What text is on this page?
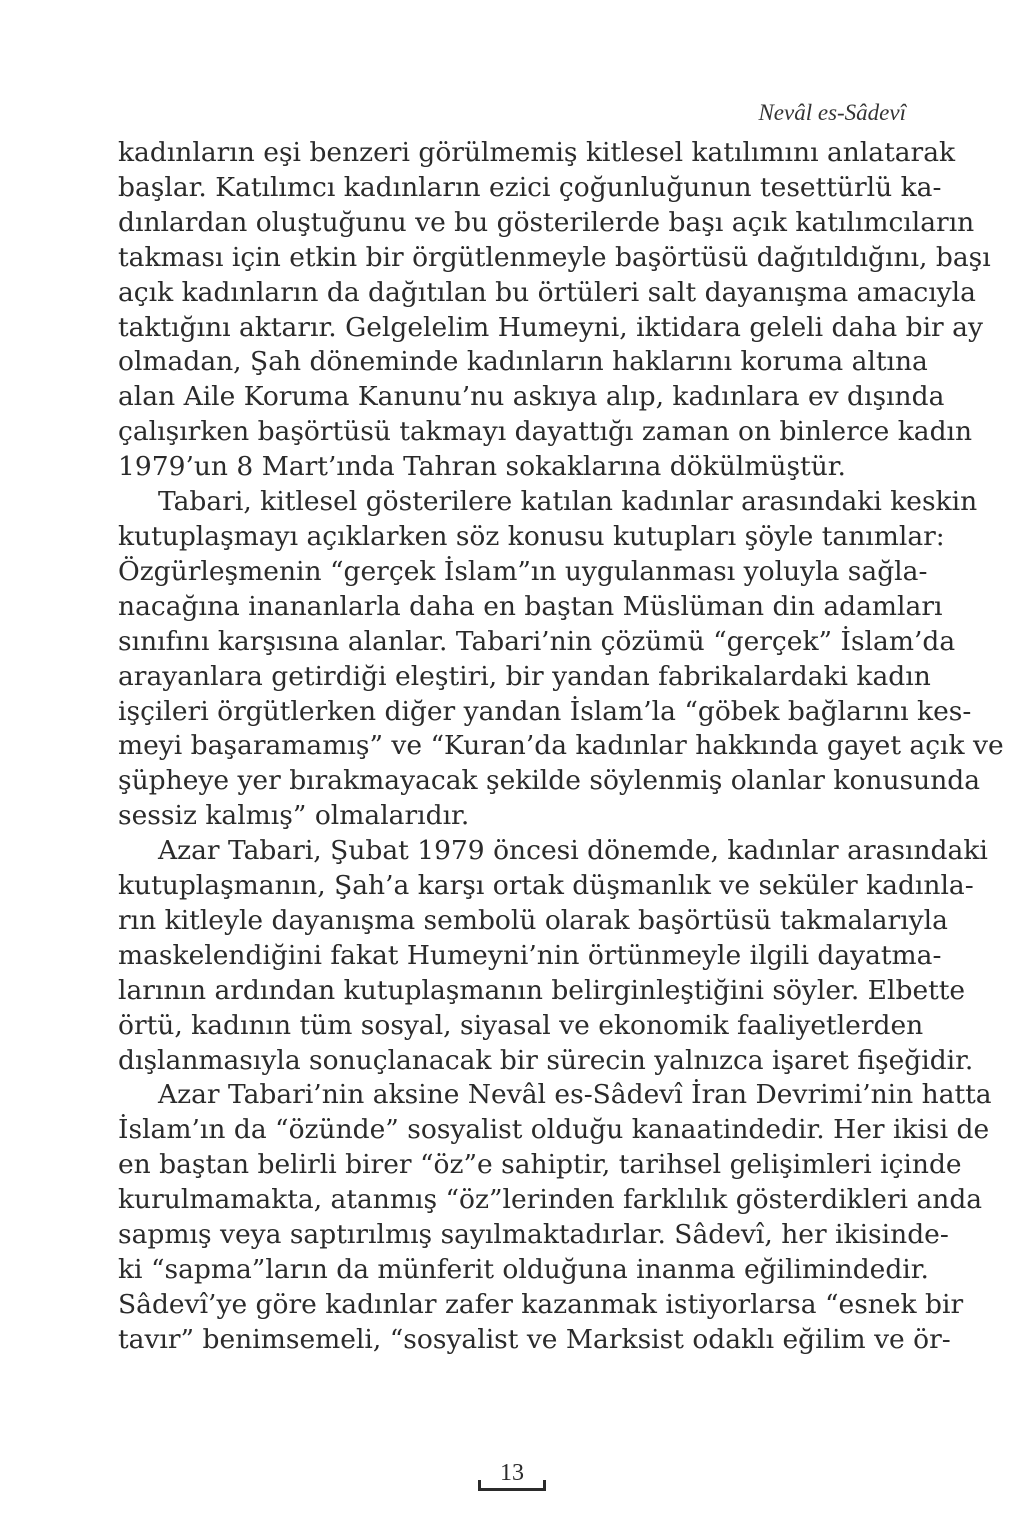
Nevâl es-Sâdevî
kadınların eşi benzeri görülmemiş kitlesel katılımını anlatarak
başlar. Katılımcı kadınların ezici çoğunluğunun tesettürlü ka-
dınlardan oluştuğunu ve bu gösterilerde başı açık katılımcıların
takması için etkin bir örgütlenmeyle başörtüsü dağıtıldığını, başı
açık kadınların da dağıtılan bu örtüleri salt dayanışma amacıyla
taktığını aktarır. Gelgelelim Humeyni, iktidara geleli daha bir ay
olmadan, Şah döneminde kadınların haklarını koruma altına
alan Aile Koruma Kanunu’nu askıya alıp, kadınlara ev dışında
çalışırken başörtüsü takmayı dayattığı zaman on binlerce kadın
1979’un 8 Mart’ında Tahran sokaklarına dökülmüştür.
Tabari, kitlesel gösterilere katılan kadınlar arasındaki keskin
kutuplaşmayı açıklarken söz konusu kutupları şöyle tanımlar:
Özgürleşmenin “gerçek İslam”ın uygulanması yoluyla sağla-
nacağına inananlarla daha en baştan Müslüman din adamları
sınıfını karşısına alanlar. Tabari’nin çözümü “gerçek” İslam’da
arayanlara getirdiği eleştiri, bir yandan fabrikalardaki kadın
işçileri örgütlerken diğer yandan İslam’la “göbek bağlarını kes-
meyi başaramamış” ve “Kuran’da kadınlar hakkında gayet açık ve
şüpheye yer bırakmayacak şekilde söylenmiş olanlar konusunda
sessiz kalmış” olmalarıdır.
Azar Tabari, Şubat 1979 öncesi dönemde, kadınlar arasındaki
kutuplaşmanın, Şah’a karşı ortak düşmanlık ve seküler kadınla-
rın kitleyle dayanışma sembolü olarak başörtüsü takmalarıyla
maskelendiğini fakat Humeyni’nin örtünmeyle ilgili dayatma-
larının ardından kutuplaşmanın belirginleştiğini söyler. Elbette
örtü, kadının tüm sosyal, siyasal ve ekonomik faaliyetlerden
dışlanmasıyla sonuçlanacak bir sürecin yalnızca işaret fişeğidir.
Azar Tabari’nin aksine Nevâl es-Sâdevî İran Devrimi’nin hatta
İslam’ın da “özünde” sosyalist olduğu kanaatindedir. Her ikisi de
en baştan belirli birer “öz”e sahiptir, tarihsel gelişimleri içinde
kurulmamakta, atanmış “öz”lerinden farklılık gösterdikleri anda
sapmış veya saptırılmış sayılmaktadırlar. Sâdevî, her ikisinde-
ki “sapma”ların da münferit olduğuna inanma eğilimindedir.
Sâdevî’ye göre kadınlar zafer kazanmak istiyorlarsa “esnek bir
tavır” benimsemeli, “sosyalist ve Marksist odaklı eğilim ve ör-
13
